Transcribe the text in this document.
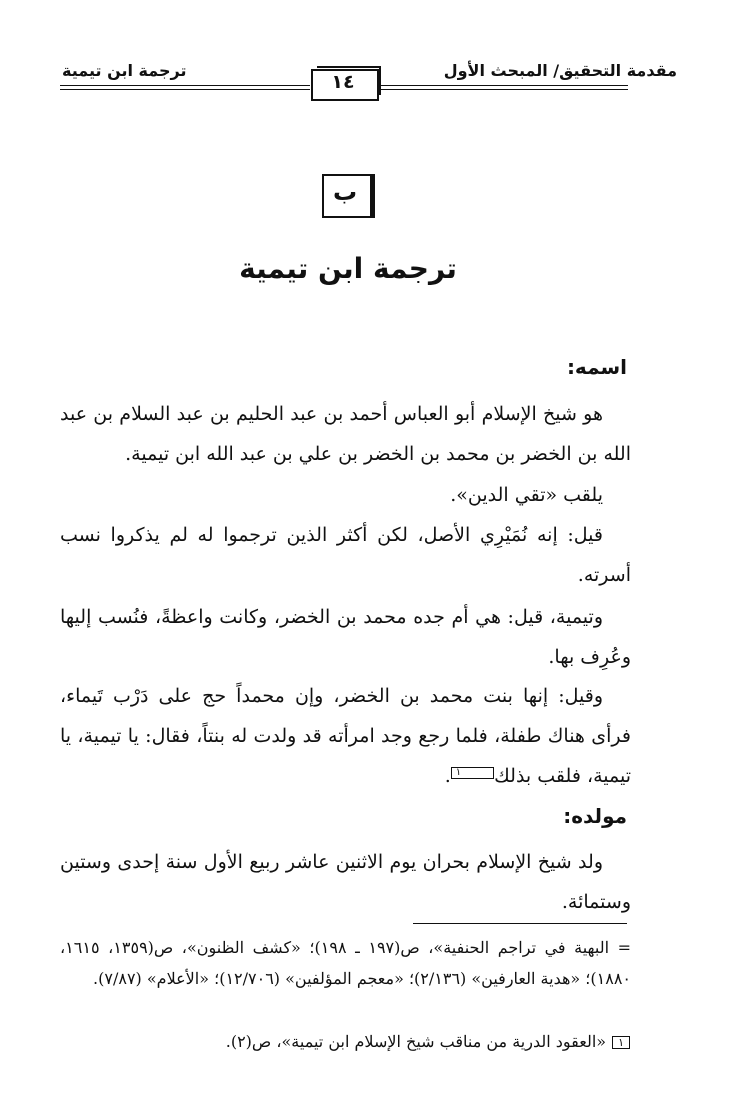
ترجمة ابن تيمية	مقدمة التحقيق/ المبحث الأول
١٤
ب
ترجمة ابن تيمية
اسمه:
هو شيخ الإسلام أبو العباس أحمد بن عبد الحليم بن عبد السلام بن عبد الله بن الخضر بن محمد بن الخضر بن علي بن عبد الله ابن تيمية.
يلقب «تقي الدين».
قيل: إنه نُمَيْرِي الأصل، لكن أكثر الذين ترجموا له لم يذكروا نسب أسرته.
وتيمية، قيل: هي أم جده محمد بن الخضر، وكانت واعظةً، فنُسب إليها وعُرِف بها.
وقيل: إنها بنت محمد بن الخضر، وإن محمداً حج على دَرْب تَيماء، فرأى هناك طفلة، فلما رجع وجد امرأته قد ولدت له بنتاً، فقال: يا تيمية، يا تيمية، فلقب بذلك١.
مولده:
ولد شيخ الإسلام بحران يوم الاثنين عاشر ربيع الأول سنة إحدى وستين وستمائة.
= البهية في تراجم الحنفية»، ص(١٩٧ ـ ١٩٨)؛ «كشف الظنون»، ص(١٣٥٩، ١٦١٥، ١٨٨٠)؛ «هدية العارفين» (٢/١٣٦)؛ «معجم المؤلفين» (١٢/٧٠٦)؛ «الأعلام» (٧/٨٧).
١«العقود الدرية من مناقب شيخ الإسلام ابن تيمية»، ص(٢).
